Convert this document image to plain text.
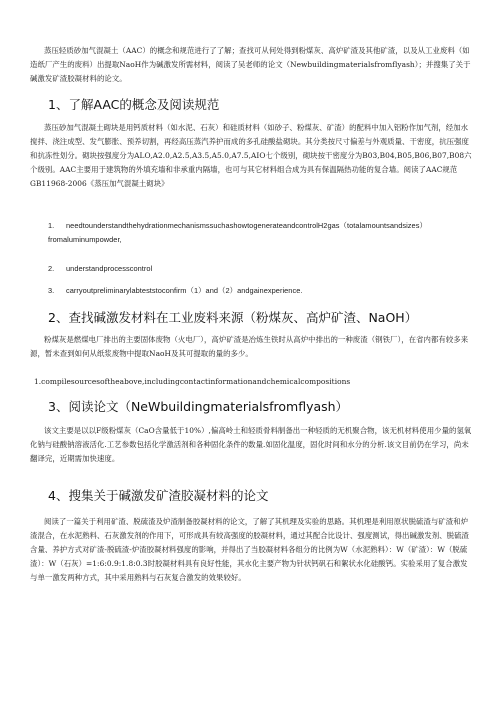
蒸压轻质砂加气混凝土（AAC）的概念和规范进行了了解；查找可从何处得到粉煤灰、高炉矿渣及其他矿渣，以及从工业废料（如造纸厂产生的废料）出提取NaoH作为碱激发所需材料，阅读了吴老师的论文（Newbuildingmaterialsfromflyash）；并搜集了关于碱激发矿渣胶凝材料的论文。

1、了解AAC的概念及阅读规范

蒸压砂加气混凝土砌块是用钙质材料（如水泥、石灰）和硅质材料（如砂子、粉煤灰、矿渣）的配料中加入铝粉作加气剂，经加水搅拌、浇注成型、发气膨胀、预养切割，再经高压蒸汽养护而成的多孔硅酸盐砌块。其分类按尺寸偏差与外观质量、干密度，抗压强度和抗冻性划分。砌块按强度分为ALO,A2.0,A2.5,A3.5,A5.0,A7.5,AIO七个级别，砌块按干密度分为B03,B04,B05,B06,B07,B08六个级别。AAC主要用于建筑物的外填充墙和非承重内隔墙，也可与其它材料组合成为具有保温隔热功能的复合墙。阅读了AAC规范GB11968-2006《蒸压加气混凝土砌块》

1. needtounderstandthehydrationmechanismssuchashowtogenerateandcontrolH2gas（totalamountsandsizes）fromaluminumpowder,
2. understandprocesscontrol
3. carryoutpreliminarylabteststoconfirm（1）and（2）andgainexperience.
2、查找碱激发材料在工业废料来源（粉煤灰、高炉矿渣、NaOH）

粉煤灰是燃煤电厂排出的主要固体废物（火电厂），高炉矿渣是冶炼生铁时从高炉中排出的一种废渣（钢铁厂），在省内都有较多来源，暂未查到如何从纸浆废物中提取NaoH及其可提取的量的多少。

1.compilesourcesoftheabove,includingcontactinformationandchemicalcompositions

3、阅读论文（NeWbuildingmaterialsfromflyash）

该文主要是以以F级粉煤灰（CaO含量低于10%）,偏高岭土和轻质骨料制备出一种轻质的无机聚合物，该无机材料使用少量的氢氧化钠与硅酸钠溶液活化.工艺参数包括化学激活剂和各种固化条件的数量.如固化温度，固化时间和水分的分析.该文目前仍在学习，尚未翻译完，近期需加快速度。

4、搜集关于碱激发矿渣胶凝材料的论文

阅读了一篇关于利用矿渣、脱硫渣及炉渣制备胶凝材料的论文，了解了其机理及实验的思路。其机理是利用原状脱硫渣与矿渣和炉渣混合，在水泥熟料、石灰激发剂的作用下，可形成具有较高强度的胶凝材料，通过其配合比设计、强度测试，得出碱激发剂、脱硫渣含量、养护方式对矿渣-脱硫渣-炉渣胶凝材料强度的影响，并得出了当胶凝材料各组分的比例为W（水泥熟料）：W（矿渣）：W（脱硫渣）：W（石灰）=1:6:0.9:1.8:0.3时胶凝材料具有良好性能，其水化主要产物为针状钙矾石和絮状水化硅酸钙。实验采用了复合激发与单一激发两种方式，其中采用熟料与石灰复合激发的效果较好。
